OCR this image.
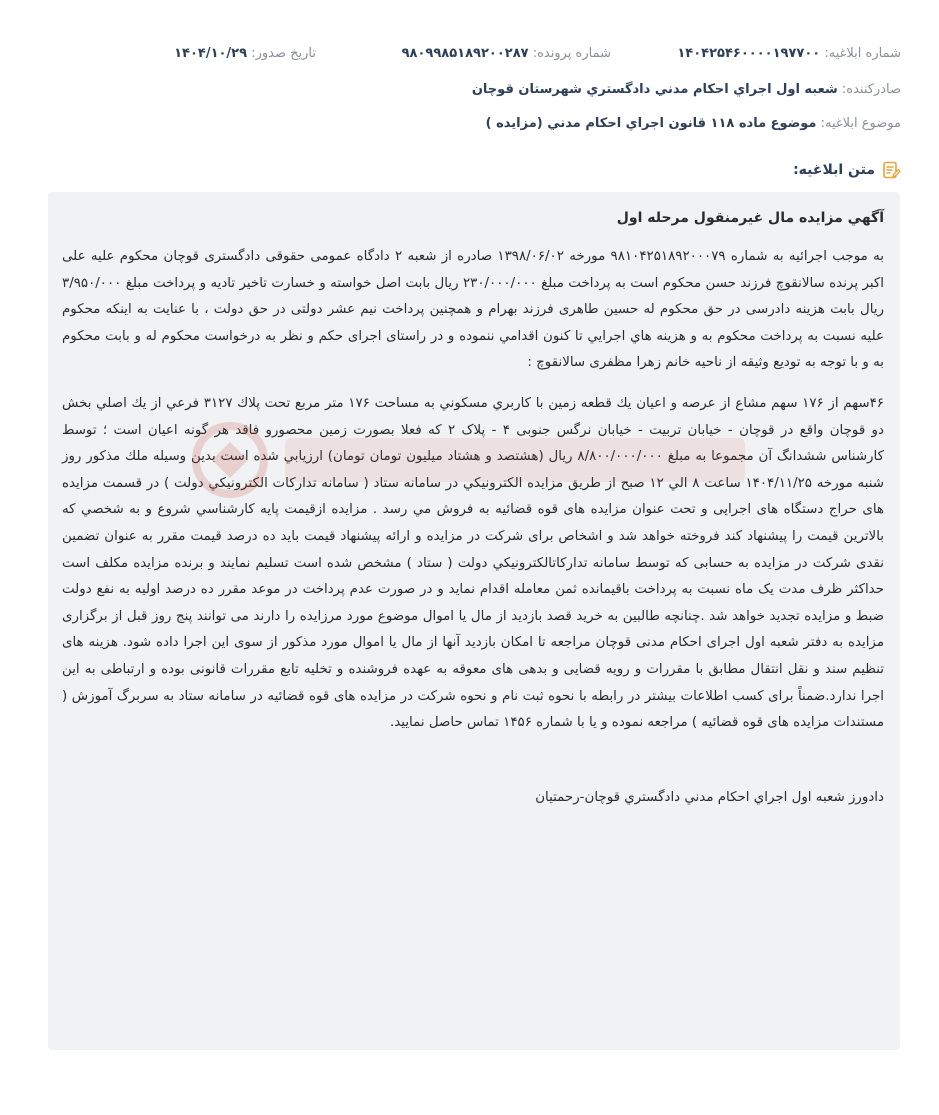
شماره ابلاغیه: ۱۴۰۴۲۵۴۶۰۰۰۰۱۹۷۷۰۰
شماره پرونده: ۹۸۰۹۹۸۵۱۸۹۲۰۰۲۸۷
تاریخ صدور: ۱۴۰۴/۱۰/۲۹
صادرکننده: شعبه اول اجراي احكام مدني دادگستري شهرستان قوچان
موضوع ابلاغیه: موضوع ماده ۱۱۸ قانون اجراي احكام مدني (مزايده )
متن ابلاغیه:
آگهي مزايده مال غيرمنقول مرحله اول

به موجب اجرائيه به شماره ۹۸۱۰۴۲۵۱۸۹۲۰۰۰۷۹ مورخه ۱۳۹۸/۰۶/۰۲ صادره از شعبه ۲ دادگاه عمومی حقوقی دادگستری قوچان محکوم علیه علی اکبر پرنده سالانقوچ فرزند حسن محکوم است به پرداخت مبلغ ۲۳۰/۰۰۰/۰۰۰ ریال بابت اصل خواسته و خسارت تاخیر تادیه و پرداخت مبلغ ۳/۹۵۰/۰۰۰ ریال بابت هزینه دادرسی در حق محکوم له حسین طاهری فرزند بهرام و همچنین پرداخت نیم عشر دولتی در حق دولت ، با عنایت به اینکه محکوم علیه نسبت به پرداخت محکوم به و هزینه هاي اجرايي تا كنون اقدامي ننموده و در راستای اجرای حکم و نظر به درخواست محکوم له و بابت محکوم به و با توجه به تودیع وثیقه از ناحیه خانم زهرا مظفری سالانقوچ :

۴۶سهم از ۱۷۶ سهم مشاع از عرصه و اعيان يك قطعه زمين با كاربري مسكوني به مساحت ۱۷۶ متر مربع تحت پلاك ۳۱۲۷ فرعي از يك اصلي بخش دو قوچان واقع در قوچان - خیابان تربیت - خیابان نرگس جنوبی ۴ - پلاک ۲ که فعلا بصورت زمین محصورو فاقد هر گونه اعیان است ؛ توسط کارشناس ششدانگ آن مجموعا به مبلغ ۸/۸۰۰/۰۰۰/۰۰۰ ریال (هشتصد و هشتاد میلیون تومان تومان) ارزيابي شده است بدين وسيله ملك مذكور روز شنبه مورخه ۱۴۰۴/۱۱/۲۵ ساعت ۸ الي ۱۲ صبح از طريق مزايده الكترونيكي در سامانه ستاد ( سامانه تداركات الكترونيكي دولت ) در قسمت مزایده های حراج دستگاه های اجرایی و تحت عنوان مزایده های قوه قضائیه به فروش مي رسد . مزايده ازقيمت پايه كارشناسي شروع و به شخصي كه بالاترين قيمت را پيشنهاد كند فروخته خواهد شد و اشخاص برای شرکت در مزایده و ارائه پیشنهاد قیمت باید ده درصد قیمت مقرر به عنوان تضمین نقدی شرکت در مزایده به حسابی که توسط سامانه تداركاتالكترونيكي دولت ( ستاد ) مشخص شده است تسلیم نمایند و برنده مزایده مکلف است حداکثر ظرف مدت یک ماه نسبت به پرداخت باقیمانده ثمن معامله اقدام نماید و در صورت عدم پرداخت در موعد مقرر ده درصد اولیه به نفع دولت ضبط و مزایده تجدید خواهد شد .چنانچه طالبین به خرید قصد بازدید از مال یا اموال موضوع مورد مرزایده را دارند می توانند پنج روز قبل از برگزاری مزایده به دفتر شعبه اول اجرای احکام مدنی قوچان مراجعه تا امکان بازدید آنها از مال یا اموال مورد مذکور از سوی این اجرا داده شود. هزینه های تنظیم سند و نقل انتقال مطابق با مقررات و رویه قضایی و بدهی های معوقه به عهده فروشنده و تخلیه تابع مقررات قانونی بوده و ارتباطی به این اجرا ندارد.ضمناً برای کسب اطلاعات بیشتر در رابطه با نحوه ثبت نام و نحوه شرکت در مزایده های قوه قضائیه در سامانه ستاد به سربرگ آموزش ( مستندات مزایده های قوه قضائیه ) مراجعه نموده و یا با شماره ۱۴۵۶ تماس حاصل نمایید.

دادورز شعبه اول اجراي احكام مدني دادگستري قوچان-رحمتيان
